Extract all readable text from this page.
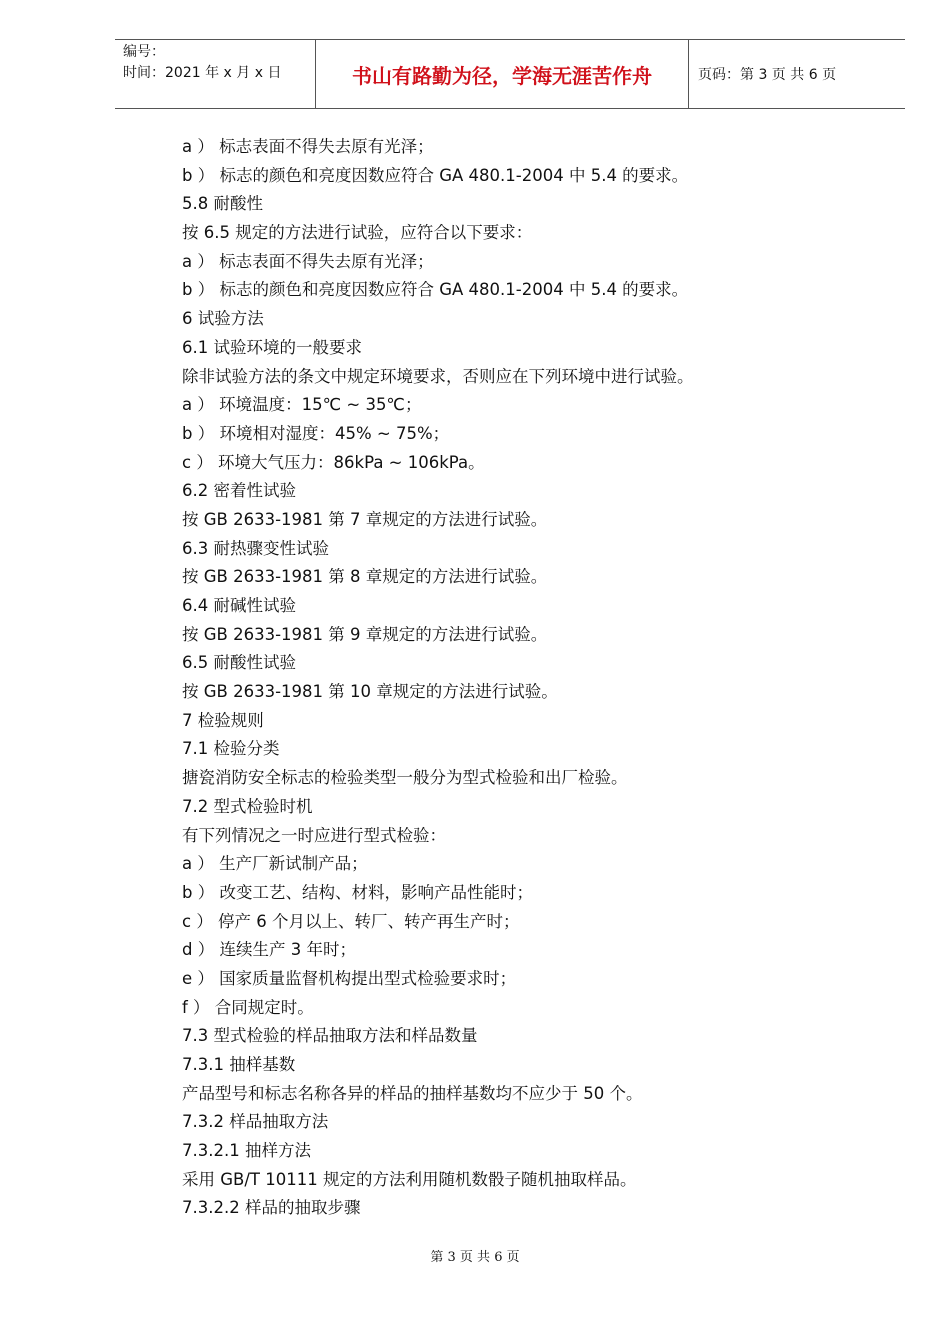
编号：
时间：2021 年 x 月 x 日	书山有路勤为径，学海无涯苦作舟	页码：第 3 页 共 6 页
a ） 标志表面不得失去原有光泽；
b ） 标志的颜色和亮度因数应符合 GA 480.1-2004 中 5.4 的要求。
5.8 耐酸性
按 6.5 规定的方法进行试验，应符合以下要求：
a ） 标志表面不得失去原有光泽；
b ） 标志的颜色和亮度因数应符合 GA 480.1-2004 中 5.4 的要求。
6 试验方法
6.1 试验环境的一般要求
除非试验方法的条文中规定环境要求，否则应在下列环境中进行试验。
a ） 环境温度：15℃ ~ 35℃；
b ） 环境相对湿度：45% ~ 75%；
c ） 环境大气压力：86kPa ~ 106kPa。
6.2 密着性试验
按 GB 2633-1981 第 7 章规定的方法进行试验。
6.3 耐热骤变性试验
按 GB 2633-1981 第 8 章规定的方法进行试验。
6.4 耐碱性试验
按 GB 2633-1981 第 9 章规定的方法进行试验。
6.5 耐酸性试验
按 GB 2633-1981 第 10 章规定的方法进行试验。
7 检验规则
7.1 检验分类
搪瓷消防安全标志的检验类型一般分为型式检验和出厂检验。
7.2 型式检验时机
有下列情况之一时应进行型式检验：
a ） 生产厂新试制产品；
b ） 改变工艺、结构、材料，影响产品性能时；
c ） 停产 6 个月以上、转厂、转产再生产时；
d ） 连续生产 3 年时；
e ） 国家质量监督机构提出型式检验要求时；
f ） 合同规定时。
7.3 型式检验的样品抽取方法和样品数量
7.3.1 抽样基数
产品型号和标志名称各异的样品的抽样基数均不应少于 50 个。
7.3.2 样品抽取方法
7.3.2.1 抽样方法
采用 GB/T 10111 规定的方法利用随机数骰子随机抽取样品。
7.3.2.2 样品的抽取步骤
第 3 页 共 6 页
